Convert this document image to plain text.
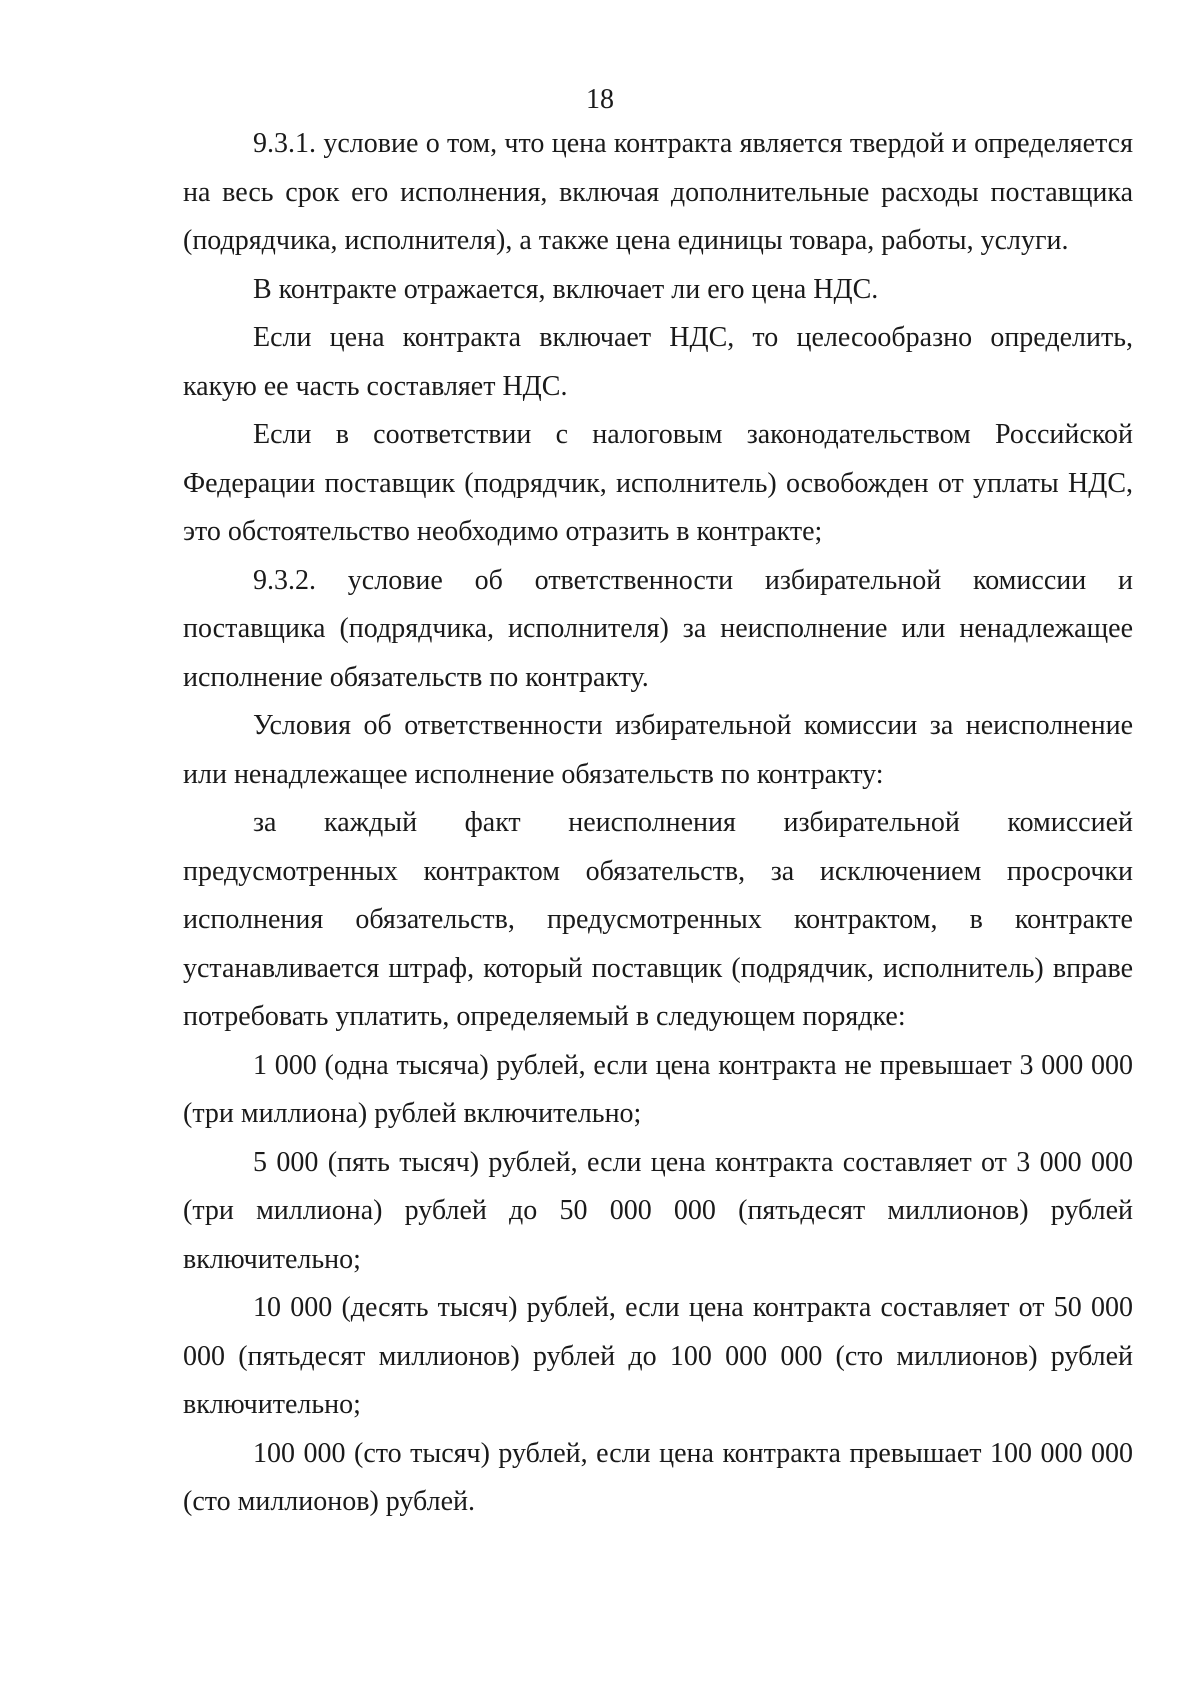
18

9.3.1. условие о том, что цена контракта является твердой и определяется на весь срок его исполнения, включая дополнительные расходы поставщика (подрядчика, исполнителя), а также цена единицы товара, работы, услуги.

В контракте отражается, включает ли его цена НДС.

Если цена контракта включает НДС, то целесообразно определить, какую ее часть составляет НДС.

Если в соответствии с налоговым законодательством Российской Федерации поставщик (подрядчик, исполнитель) освобожден от уплаты НДС, это обстоятельство необходимо отразить в контракте;

9.3.2. условие об ответственности избирательной комиссии и поставщика (подрядчика, исполнителя) за неисполнение или ненадлежащее исполнение обязательств по контракту.

Условия об ответственности избирательной комиссии за неисполнение или ненадлежащее исполнение обязательств по контракту:

за каждый факт неисполнения избирательной комиссией предусмотренных контрактом обязательств, за исключением просрочки исполнения обязательств, предусмотренных контрактом, в контракте устанавливается штраф, который поставщик (подрядчик, исполнитель) вправе потребовать уплатить, определяемый в следующем порядке:

1 000 (одна тысяча) рублей, если цена контракта не превышает 3 000 000 (три миллиона) рублей включительно;

5 000 (пять тысяч) рублей, если цена контракта составляет от 3 000 000 (три миллиона) рублей до 50 000 000 (пятьдесят миллионов) рублей включительно;

10 000 (десять тысяч) рублей, если цена контракта составляет от 50 000 000 (пятьдесят миллионов) рублей до 100 000 000 (сто миллионов) рублей включительно;

100 000 (сто тысяч) рублей, если цена контракта превышает 100 000 000 (сто миллионов) рублей.
